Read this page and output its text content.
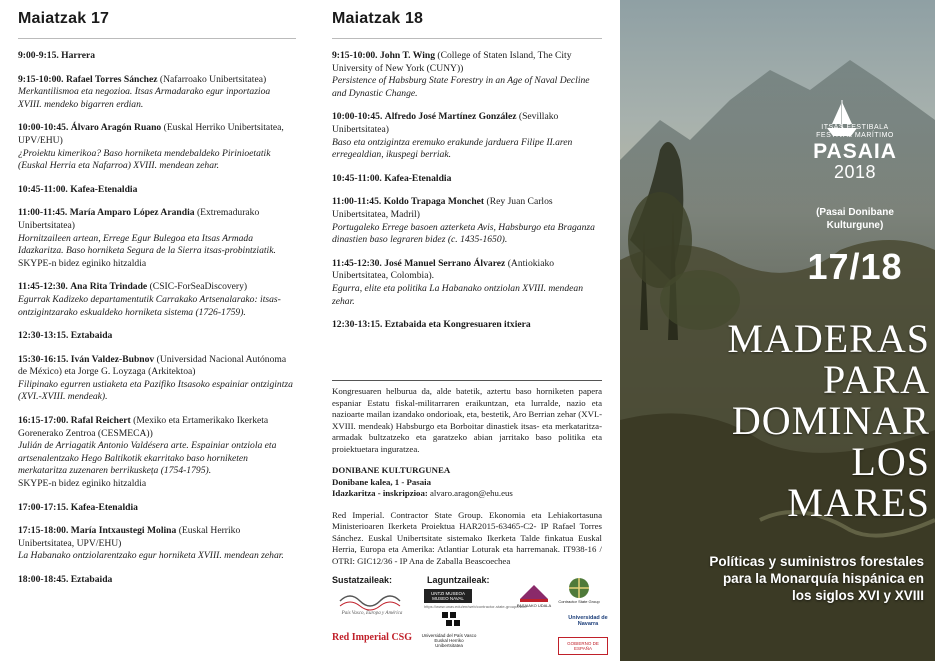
Maiatzak 17
9:00-9:15. Harrera
9:15-10:00. Rafael Torres Sánchez (Nafarroako Unibertsitatea)
Merkantilismoa eta negozioa. Itsas Armadarako egur inportazioa XVIII. mendeko bigarren erdian.
10:00-10:45. Álvaro Aragón Ruano (Euskal Herriko Unibertsitatea, UPV/EHU)
¿Proiektu kimerikoa? Baso horniketa mendebaldeko Pirinioetatik (Euskal Herria eta Nafarroa) XVIII. mendean zehar.
10:45-11:00. Kafea-Etenaldia
11:00-11:45. María Amparo López Arandia (Extremadurako Unibertsitatea)
Hornitzaileen artean, Errege Egur Bulegoa eta Itsas Armada Idazkaritza. Baso horniketa Segura de la Sierra itsas-probintziatik.
SKYPE-n bidez eginiko hitzaldia
11:45-12:30. Ana Rita Trindade (CSIC-ForSeaDiscovery)
Egurrak Kadizeko departamentutik Carrakako Artsenalarako: itsas-ontzigintzarako eskualdeko horniketa sistema (1726-1759).
12:30-13:15. Eztabaida
15:30-16:15. Iván Valdez-Bubnov (Universidad Nacional Autónoma de México) eta Jorge G. Loyzaga (Arkitektoa)
Filipinako egurren ustiaketa eta Pazifiko Itsasoko espainiar ontzigintza (XVI.-XVIII. mendeak).
16:15-17:00. Rafal Reichert (Mexiko eta Ertamerikako Ikerketa Gorenerako Zentroa (CESMECA))
Julián de Arriagatik Antonio Valdésera arte. Espainiar ontziola eta artsenalentzako Hego Baltikotik ekarritako baso horniketen merkataritza zuzenaren berrikuskeța (1754-1795).
SKYPE-n bidez eginiko hitzaldia
17:00-17:15. Kafea-Etenaldia
17:15-18:00. María Intxaustegi Molina (Euskal Herriko Unibertsitatea, UPV/EHU)
La Habanako ontziolarentzako egur horniketa XVIII. mendean zehar.
18:00-18:45. Eztabaida
Maiatzak 18
9:15-10:00. John T. Wing (College of Staten Island, The City University of New York (CUNY))
Persistence of Habsburg State Forestry in an Age of Naval Decline and Dynastic Change.
10:00-10:45. Alfredo José Martínez González (Sevillako Unibertsitatea)
Baso eta ontzigintza eremuko erakunde jarduera Filipe II.aren erregealdian, ikuspegi berriak.
10:45-11:00. Kafea-Etenaldia
11:00-11:45. Koldo Trapaga Monchet (Rey Juan Carlos Unibertsitatea, Madril)
Portugaleko Errege basoen azterketa Avis, Habsburgo eta Braganza dinastien baso legraren bidez (c. 1435-1650).
11:45-12:30. José Manuel Serrano Álvarez (Antiokiako Unibertsitatea, Colombia).
Egurra, elite eta politika La Habanako ontziolan XVIII. mendean zehar.
12:30-13:15. Eztabaida eta Kongresuaren itxiera
Kongresuaren helburua da, alde batetik, aztertu baso horniketen papera espaniar Estatu fiskal-militarraren eraikuntzan, eta lurralde, nazio eta nazioarte mailan izandako ondorioak, eta, bestetik, Aro Berrian zehar (XVI.-XVIII. mendeak) Habsburgo eta Borboitar dinastiek itsas- eta merkataritza-armadak bultzatzeko eta garatzeko abian jarritako baso politika eta proiektuetara inguratzea.
DONIBANE KULTURGUNEA
Donibane kalea, 1 - Pasaia
Idazkaritza - inskripzioa: alvaro.aragon@ehu.eus
Red Imperial. Contractor State Group. Ekonomia eta Lehiakortasuna Ministerioaren Ikerketa Proiektua HAR2015-63465-C2- IP Rafael Torres Sánchez. Euskal Unibertsitate sistemako Ikerketa Talde finkatua Euskal Herria, Europa eta Amerika: Atlantiar Loturak eta harremanak. IT938-16 / OTRI: GIC12/36 - IP Ana de Zaballa Beascoechea
Sustatzaileak:	Laguntzaileak:
Pais Vasco, Europa y América
Red Imperial CSG
UNTZI MUSEOA MUSEO NAVAL
Universidad del País Vasco
Euskal Herriko Unibertsitatea
https://www.unav.edu/en/web/contractor-state-group/inicio
PASAIAKO UDALA
Contractor State Group
Universidad de Navarra
GOBIERNO DE ESPAÑA
ITSAS FESTIBALA
FESTIVAL MARÍTIMO
PASAIA
2018
(Pasai Donibane
Kulturgune)
17/18
MADERAS
PARA
DOMINAR
LOS
MARES
Políticas y suministros forestales
para la Monarquía hispánica en
los siglos XVI y XVIII
